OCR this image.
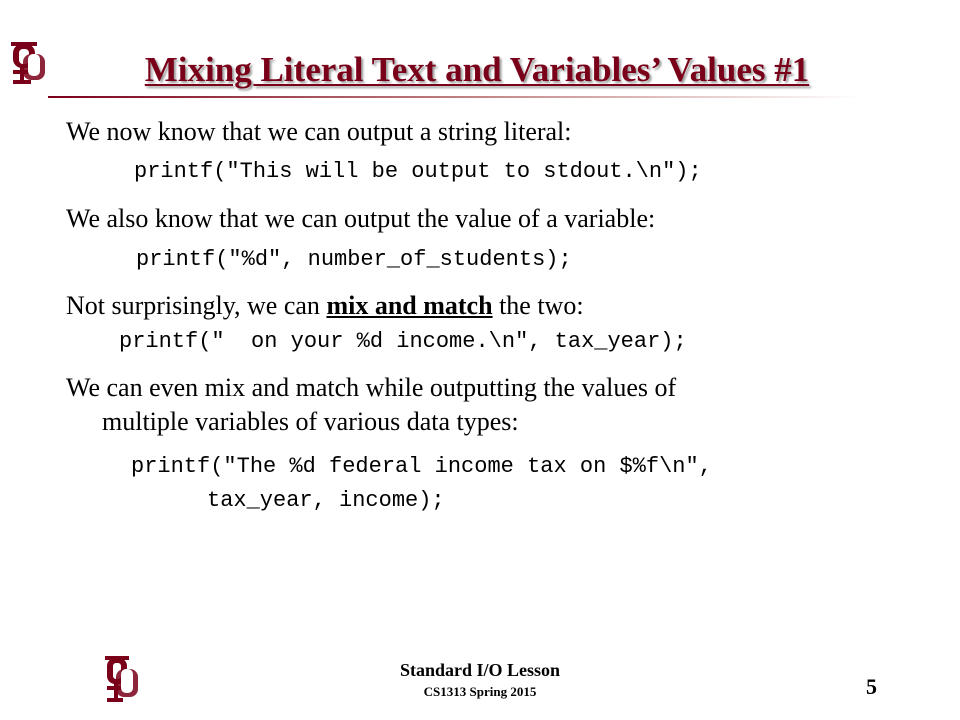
Mixing Literal Text and Variables’ Values #1
We now know that we can output a string literal:
printf("This will be output to stdout.\n");
We also know that we can output the value of a variable:
printf("%d", number_of_students);
Not surprisingly, we can mix and match the two:
printf("  on your %d income.\n", tax_year);
We can even mix and match while outputting the values of
multiple variables of various data types:
printf("The %d federal income tax on $%f\n",
tax_year, income);
Standard I/O Lesson
CS1313 Spring 2015	5
